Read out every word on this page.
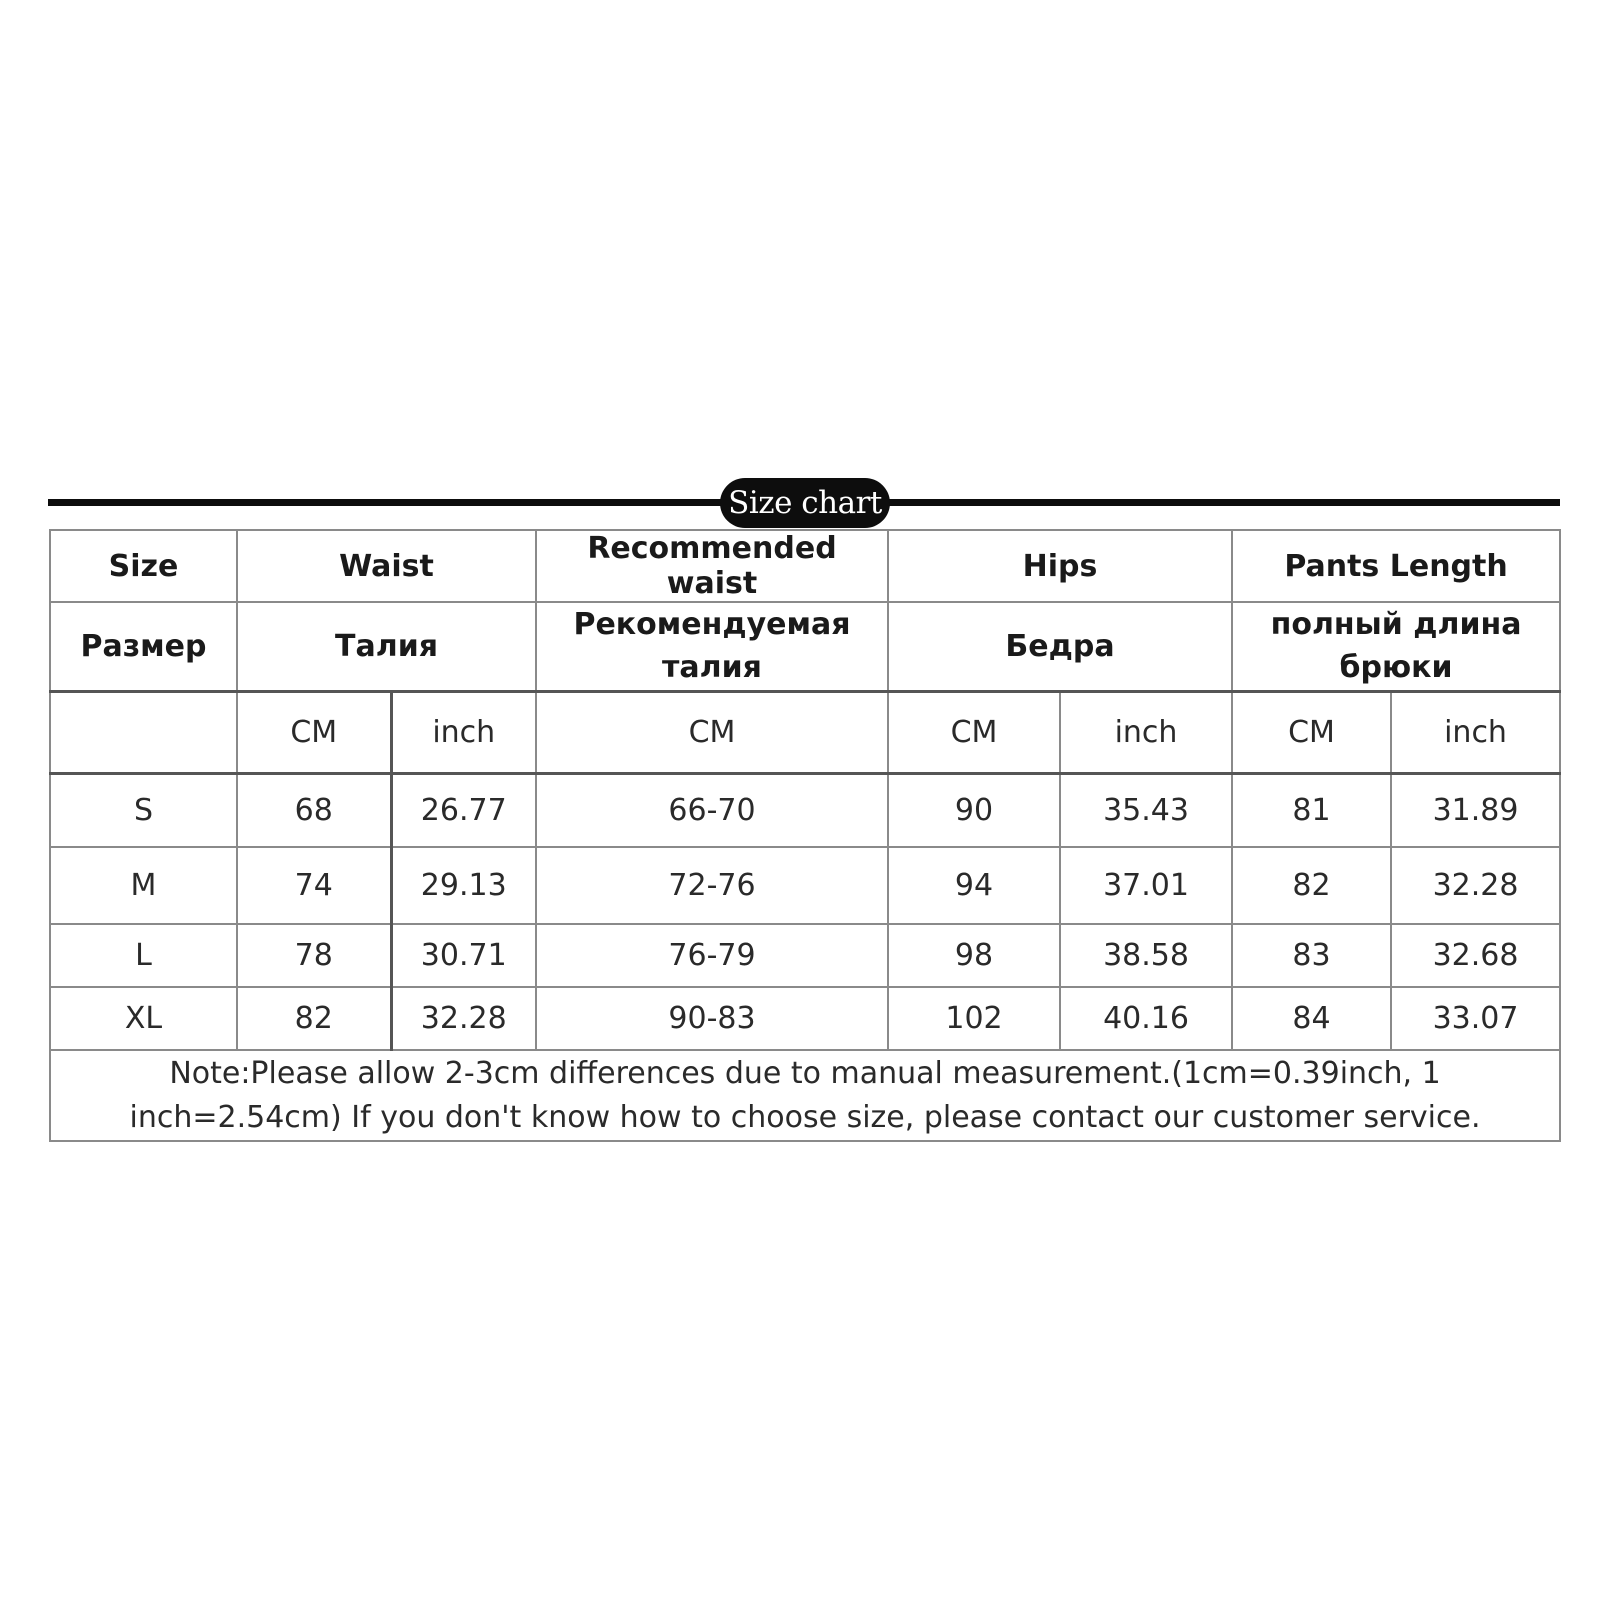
Size chart
Size	Waist		Recommended waist	Hips		Pants Length	
Размер	Талия		Рекомендуемая талия	Бедра		полный длина брюки	
	CM	inch	CM	CM	inch	CM	inch
S	68	26.77	66-70	90	35.43	81	31.89
M	74	29.13	72-76	94	37.01	82	32.28
L	78	30.71	76-79	98	38.58	83	32.68
XL	82	32.28	90-83	102	40.16	84	33.07
Note:Please allow 2-3cm differences due to manual measurement.(1cm=0.39inch, 1 inch=2.54cm) If you don't know how to choose size, please contact our customer service.							
